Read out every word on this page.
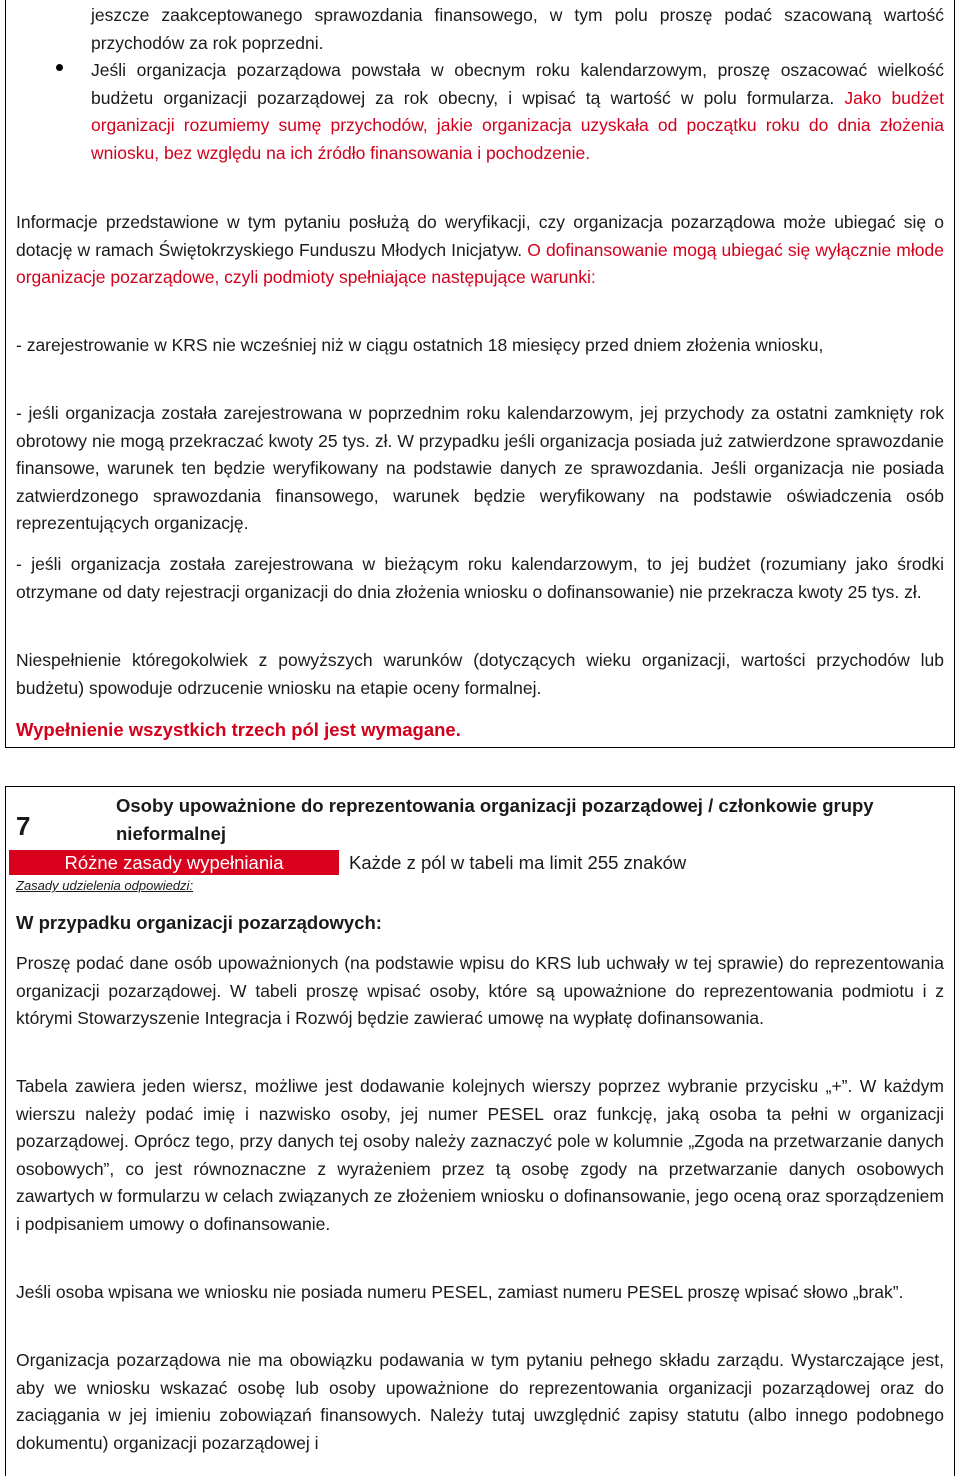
jeszcze zaakceptowanego sprawozdania finansowego, w tym polu proszę podać szacowaną wartość przychodów za rok poprzedni.

Jeśli organizacja pozarządowa powstała w obecnym roku kalendarzowym, proszę oszacować wielkość budżetu organizacji pozarządowej za rok obecny, i wpisać tą wartość w polu formularza. Jako budżet organizacji rozumiemy sumę przychodów, jakie organizacja uzyskała od początku roku do dnia złożenia wniosku, bez względu na ich źródło finansowania i pochodzenie.

Informacje przedstawione w tym pytaniu posłużą do weryfikacji, czy organizacja pozarządowa może ubiegać się o dotację w ramach Świętokrzyskiego Funduszu Młodych Inicjatyw. O dofinansowanie mogą ubiegać się wyłącznie młode organizacje pozarządowe, czyli podmioty spełniające następujące warunki:

- zarejestrowanie w KRS nie wcześniej niż w ciągu ostatnich 18 miesięcy przed dniem złożenia wniosku,

- jeśli organizacja została zarejestrowana w poprzednim roku kalendarzowym, jej przychody za ostatni zamknięty rok obrotowy nie mogą przekraczać kwoty 25 tys. zł. W przypadku jeśli organizacja posiada już zatwierdzone sprawozdanie finansowe, warunek ten będzie weryfikowany na podstawie danych ze sprawozdania. Jeśli organizacja nie posiada zatwierdzonego sprawozdania finansowego, warunek będzie weryfikowany na podstawie oświadczenia osób reprezentujących organizację.

- jeśli organizacja została zarejestrowana w bieżącym roku kalendarzowym, to jej budżet (rozumiany jako środki otrzymane od daty rejestracji organizacji do dnia złożenia wniosku o dofinansowanie) nie przekracza kwoty 25 tys. zł.

Niespełnienie któregokolwiek z powyższych warunków (dotyczących wieku organizacji, wartości przychodów lub budżetu) spowoduje odrzucenie wniosku na etapie oceny formalnej.

Wypełnienie wszystkich trzech pól jest wymagane.

7
Osoby upoważnione do reprezentowania organizacji pozarządowej / członkowie grupy nieformalnej
Różne zasady wypełniania	Każde z pól w tabeli ma limit 255 znaków
Zasady udzielenia odpowiedzi:
W przypadku organizacji pozarządowych:

Proszę podać dane osób upoważnionych (na podstawie wpisu do KRS lub uchwały w tej sprawie) do reprezentowania organizacji pozarządowej. W tabeli proszę wpisać osoby, które są upoważnione do reprezentowania podmiotu i z którymi Stowarzyszenie Integracja i Rozwój będzie zawierać umowę na wypłatę dofinansowania.

Tabela zawiera jeden wiersz, możliwe jest dodawanie kolejnych wierszy poprzez wybranie przycisku „+”. W każdym wierszu należy podać imię i nazwisko osoby, jej numer PESEL oraz funkcję, jaką osoba ta pełni w organizacji pozarządowej. Oprócz tego, przy danych tej osoby należy zaznaczyć pole w kolumnie „Zgoda na przetwarzanie danych osobowych”, co jest równoznaczne z wyrażeniem przez tą osobę zgody na przetwarzanie danych osobowych zawartych w formularzu w celach związanych ze złożeniem wniosku o dofinansowanie, jego oceną oraz sporządzeniem i podpisaniem umowy o dofinansowanie.

Jeśli osoba wpisana we wniosku nie posiada numeru PESEL, zamiast numeru PESEL proszę wpisać słowo „brak”.

Organizacja pozarządowa nie ma obowiązku podawania w tym pytaniu pełnego składu zarządu. Wystarczające jest, aby we wniosku wskazać osobę lub osoby upoważnione do reprezentowania organizacji pozarządowej oraz do zaciągania w jej imieniu zobowiązań finansowych. Należy tutaj uwzględnić zapisy statutu (albo innego podobnego dokumentu) organizacji pozarządowej i
